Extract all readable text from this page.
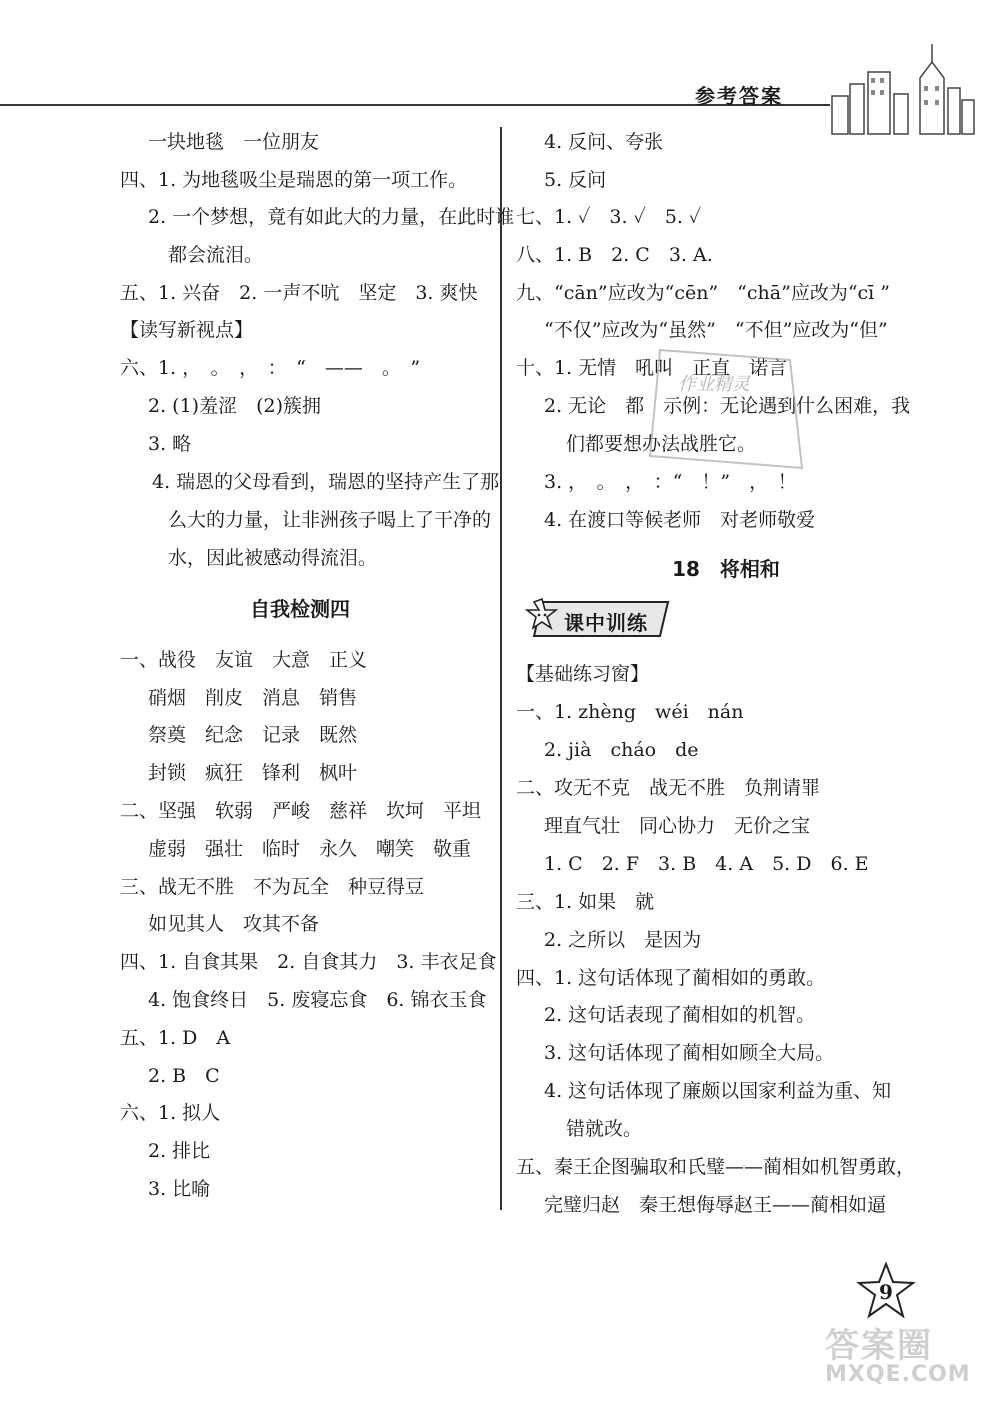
参考答案
一块地毯　一位朋友
四、1. 为地毯吸尘是瑞恩的第一项工作。
2. 一个梦想，竟有如此大的力量，在此时谁
都会流泪。
五、1. 兴奋　2. 一声不吭　坚定　3. 爽快
【读写新视点】
六、1. ，　。　，　：　“　——　。　”
2. (1)羞涩　(2)簇拥
3. 略
4. 瑞恩的父母看到，瑞恩的坚持产生了那
么大的力量，让非洲孩子喝上了干净的
水，因此被感动得流泪。
自我检测四
一、战役　友谊　大意　正义
硝烟　削皮　消息　销售
祭奠　纪念　记录　既然
封锁　疯狂　锋利　枫叶
二、坚强　软弱　严峻　慈祥　坎坷　平坦
虚弱　强壮　临时　永久　嘲笑　敬重
三、战无不胜　不为瓦全　种豆得豆
如见其人　攻其不备
四、1. 自食其果　2. 自食其力　3. 丰衣足食
4. 饱食终日　5. 废寝忘食　6. 锦衣玉食
五、1. D　A
2. B　C
六、1. 拟人
2. 排比
3. 比喻
4. 反问、夸张
5. 反问
七、1. ✓　3. ✓　5. ✓
八、1. B　2. C　3. A.
九、“cān”应改为“cēn”　“chā”应改为“cī ”
“不仅”应改为“虽然”　“不但”应改为“但”
十、1. 无情　吼叫　正直　诺言
2. 无论　都　示例：无论遇到什么困难，我
们都要想办法战胜它。
3. ，　。　，　：“　！”　，　！
4. 在渡口等候老师　对老师敬爱
18　将相和
课中训练
【基础练习窗】
一、1. zhèng　wéi　nán
2. jià　cháo　de
二、攻无不克　战无不胜　负荆请罪
理直气壮　同心协力　无价之宝
1. C　2. F　3. B　4. A　5. D　6. E
三、1. 如果　就
2. 之所以　是因为
四、1. 这句话体现了蔺相如的勇敢。
2. 这句话表现了蔺相如的机智。
3. 这句话体现了蔺相如顾全大局。
4. 这句话体现了廉颇以国家利益为重、知
错就改。
五、秦王企图骗取和氏璧——蔺相如机智勇敢，
完璧归赵　秦王想侮辱赵王——蔺相如逼
作业精灵
9
答案圈
MXQE.COM
